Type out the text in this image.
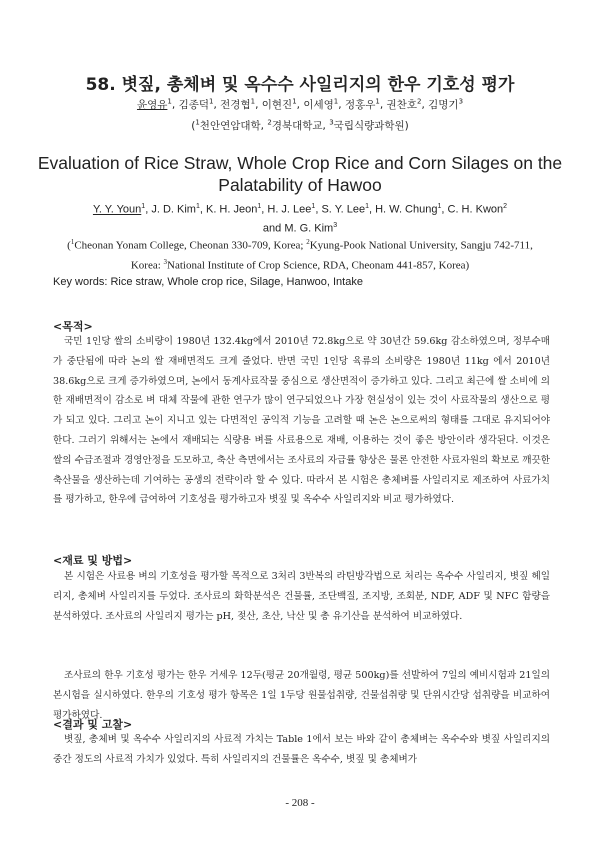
58. 볏짚, 총체벼 및 옥수수 사일리지의 한우 기호성 평가
윤영유$^1$, 김종덕$^1$, 전경협$^1$, 이현진$^1$, 이세영$^1$, 정홍우$^1$, 권찬호$^2$, 김명기$^3$
($^1$천안연암대학, $^2$경북대학교, $^3$국립식량과학원)
Evaluation of Rice Straw, Whole Crop Rice and Corn Silages on the Palatability of Hawoo
Y. Y. Youn$^1$, J. D. Kim$^1$, K. H. Jeon$^1$, H. J. Lee$^1$, S. Y. Lee$^1$, H. W. Chung$^1$, C. H. Kwon$^2$
and M. G. Kim$^3$
($^1$Cheonan Yonam College, Cheonan 330-709, Korea; $^2$Kyung-Pook National University, Sangju 742-711,
Korea: $^3$National Institute of Crop Science, RDA, Cheonam 441-857, Korea)
Key words: Rice straw, Whole crop rice, Silage, Hanwoo, Intake
<목적>

국민 1인당 쌀의 소비량이 1980년 132.4kg에서 2010년 72.8kg으로 약 30년간 59.6kg 감소하였으며, 정부수매가 중단됨에 따라 논의 쌀 재배면적도 크게 줄었다. 반면 국민 1인당 육류의 소비량은 1980년 11kg 에서 2010년 38.6kg으로 크게 증가하였으며, 논에서 동계사료작물 중심으로 생산면적이 증가하고 있다. 그리고 최근에 쌀 소비에 의한 재배면적이 감소로 벼 대체 작물에 관한 연구가 많이 연구되었으나 가장 현실성이 있는 것이 사료작물의 생산으로 평가 되고 있다. 그리고 논이 지니고 있는 다면적인 공익적 기능을 고려할 때 논은 논으로써의 형태를 그대로 유지되어야 한다. 그러기 위해서는 논에서 재배되는 식량용 벼를 사료용으로 재배, 이용하는 것이 좋은 방안이라 생각된다. 이것은 쌀의 수급조절과 경영안정을 도모하고, 축산 측면에서는 조사료의 자급률 향상은 물론 안전한 사료자원의 확보로 깨끗한 축산물을 생산하는데 기여하는 공생의 전략이라 할 수 있다. 따라서 본 시험은 총체벼를 사일리지로 제조하여 사료가치를 평가하고, 한우에 급여하여 기호성을 평가하고자 볏짚 및 옥수수 사일리지와 비교 평가하였다.

<재료 및 방법>

본 시험은 사료용 벼의 기호성을 평가할 목적으로 3처리 3반복의 라틴방각법으로 처리는 옥수수 사일리지, 볏짚 헤일리지, 총체벼 사일리지를 두었다. 조사료의 화학분석은 건물률, 조단백질, 조지방, 조회분, NDF, ADF 및 NFC 함량을 분석하였다. 조사료의 사일리지 평가는 pH, 젖산, 초산, 낙산 및 총 유기산을 분석하여 비교하였다.

조사료의 한우 기호성 평가는 한우 거세우 12두(평균 20개월령, 평균 500kg)를 선발하여 7일의 예비시험과 21일의 본시험을 실시하였다. 한우의 기호성 평가 항목은 1일 1두당 원물섭취량, 건물섭취량 및 단위시간당 섭취량을 비교하여 평가하였다.

<결과 및 고찰>

볏짚, 총체벼 및 옥수수 사일리지의 사료적 가치는 Table 1에서 보는 바와 같이 총체벼는 옥수수와 볏짚 사일리지의 중간 정도의 사료적 가치가 있었다. 특히 사일리지의 건물률은 옥수수, 볏짚 및 총체벼가

- 208 -
